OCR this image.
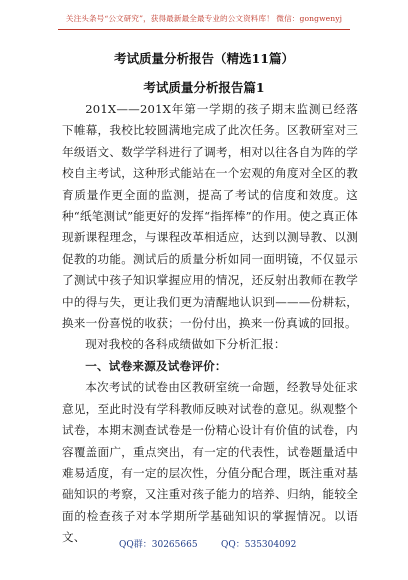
关注头条号“公文研究”，获得最新最全最专业的公文资料库！ 微信：gongwenyj
考试质量分析报告（精选11篇）
考试质量分析报告篇1

201X——201X年第一学期的孩子期末监测已经落下帷幕，我校比较圆满地完成了此次任务。区教研室对三年级语文、数学学科进行了调考，相对以往各自为阵的学校自主考试，这种形式能站在一个宏观的角度对全区的教育质量作更全面的监测，提高了考试的信度和效度。这种“纸笔测试”能更好的发挥“指挥棒”的作用。使之真正体现新课程理念，与课程改革相适应，达到以测导教、以测促教的功能。测试后的质量分析如同一面明镜，不仅显示了测试中孩子知识掌握应用的情况，还反射出教师在教学中的得与失，更让我们更为清醒地认识到———份耕耘，换来一份喜悦的收获；一份付出，换来一份真诚的回报。

现对我校的各科成绩做如下分析汇报：

一、试卷来源及试卷评价：

本次考试的试卷由区教研室统一命题，经教导处征求意见，至此时没有学科教师反映对试卷的意见。纵观整个试卷，本期末测查试卷是一份精心设计有价值的试卷，内容覆盖面广，重点突出，有一定的代表性，试卷题量适中难易适度，有一定的层次性，分值分配合理，既注重对基础知识的考察，又注重对孩子能力的培养、归纳，能较全面的检查孩子对本学期所学基础知识的掌握情况。以语文、

QQ群：30265665	QQ：535304092
